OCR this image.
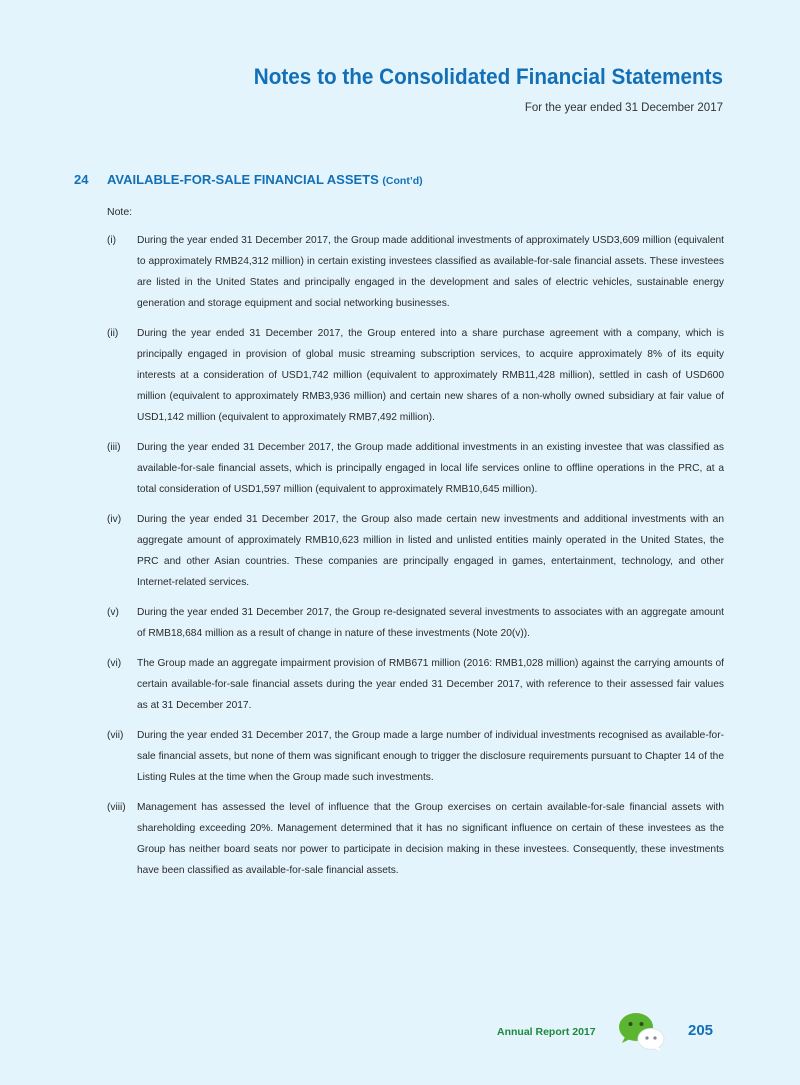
Notes to the Consolidated Financial Statements
For the year ended 31 December 2017
24 AVAILABLE-FOR-SALE FINANCIAL ASSETS (Cont’d)
Note:
(i)	During the year ended 31 December 2017, the Group made additional investments of approximately USD3,609 million (equivalent to approximately RMB24,312 million) in certain existing investees classified as available-for-sale financial assets. These investees are listed in the United States and principally engaged in the development and sales of electric vehicles, sustainable energy generation and storage equipment and social networking businesses.
(ii)	During the year ended 31 December 2017, the Group entered into a share purchase agreement with a company, which is principally engaged in provision of global music streaming subscription services, to acquire approximately 8% of its equity interests at a consideration of USD1,742 million (equivalent to approximately RMB11,428 million), settled in cash of USD600 million (equivalent to approximately RMB3,936 million) and certain new shares of a non-wholly owned subsidiary at fair value of USD1,142 million (equivalent to approximately RMB7,492 million).
(iii)	During the year ended 31 December 2017, the Group made additional investments in an existing investee that was classified as available-for-sale financial assets, which is principally engaged in local life services online to offline operations in the PRC, at a total consideration of USD1,597 million (equivalent to approximately RMB10,645 million).
(iv)	During the year ended 31 December 2017, the Group also made certain new investments and additional investments with an aggregate amount of approximately RMB10,623 million in listed and unlisted entities mainly operated in the United States, the PRC and other Asian countries. These companies are principally engaged in games, entertainment, technology, and other Internet-related services.
(v)	During the year ended 31 December 2017, the Group re-designated several investments to associates with an aggregate amount of RMB18,684 million as a result of change in nature of these investments (Note 20(v)).
(vi)	The Group made an aggregate impairment provision of RMB671 million (2016: RMB1,028 million) against the carrying amounts of certain available-for-sale financial assets during the year ended 31 December 2017, with reference to their assessed fair values as at 31 December 2017.
(vii)	During the year ended 31 December 2017, the Group made a large number of individual investments recognised as available-for-sale financial assets, but none of them was significant enough to trigger the disclosure requirements pursuant to Chapter 14 of the Listing Rules at the time when the Group made such investments.
(viii)	Management has assessed the level of influence that the Group exercises on certain available-for-sale financial assets with shareholding exceeding 20%. Management determined that it has no significant influence on certain of these investees as the Group has neither board seats nor power to participate in decision making in these investees. Consequently, these investments have been classified as available-for-sale financial assets.
Annual Report 2017	205
